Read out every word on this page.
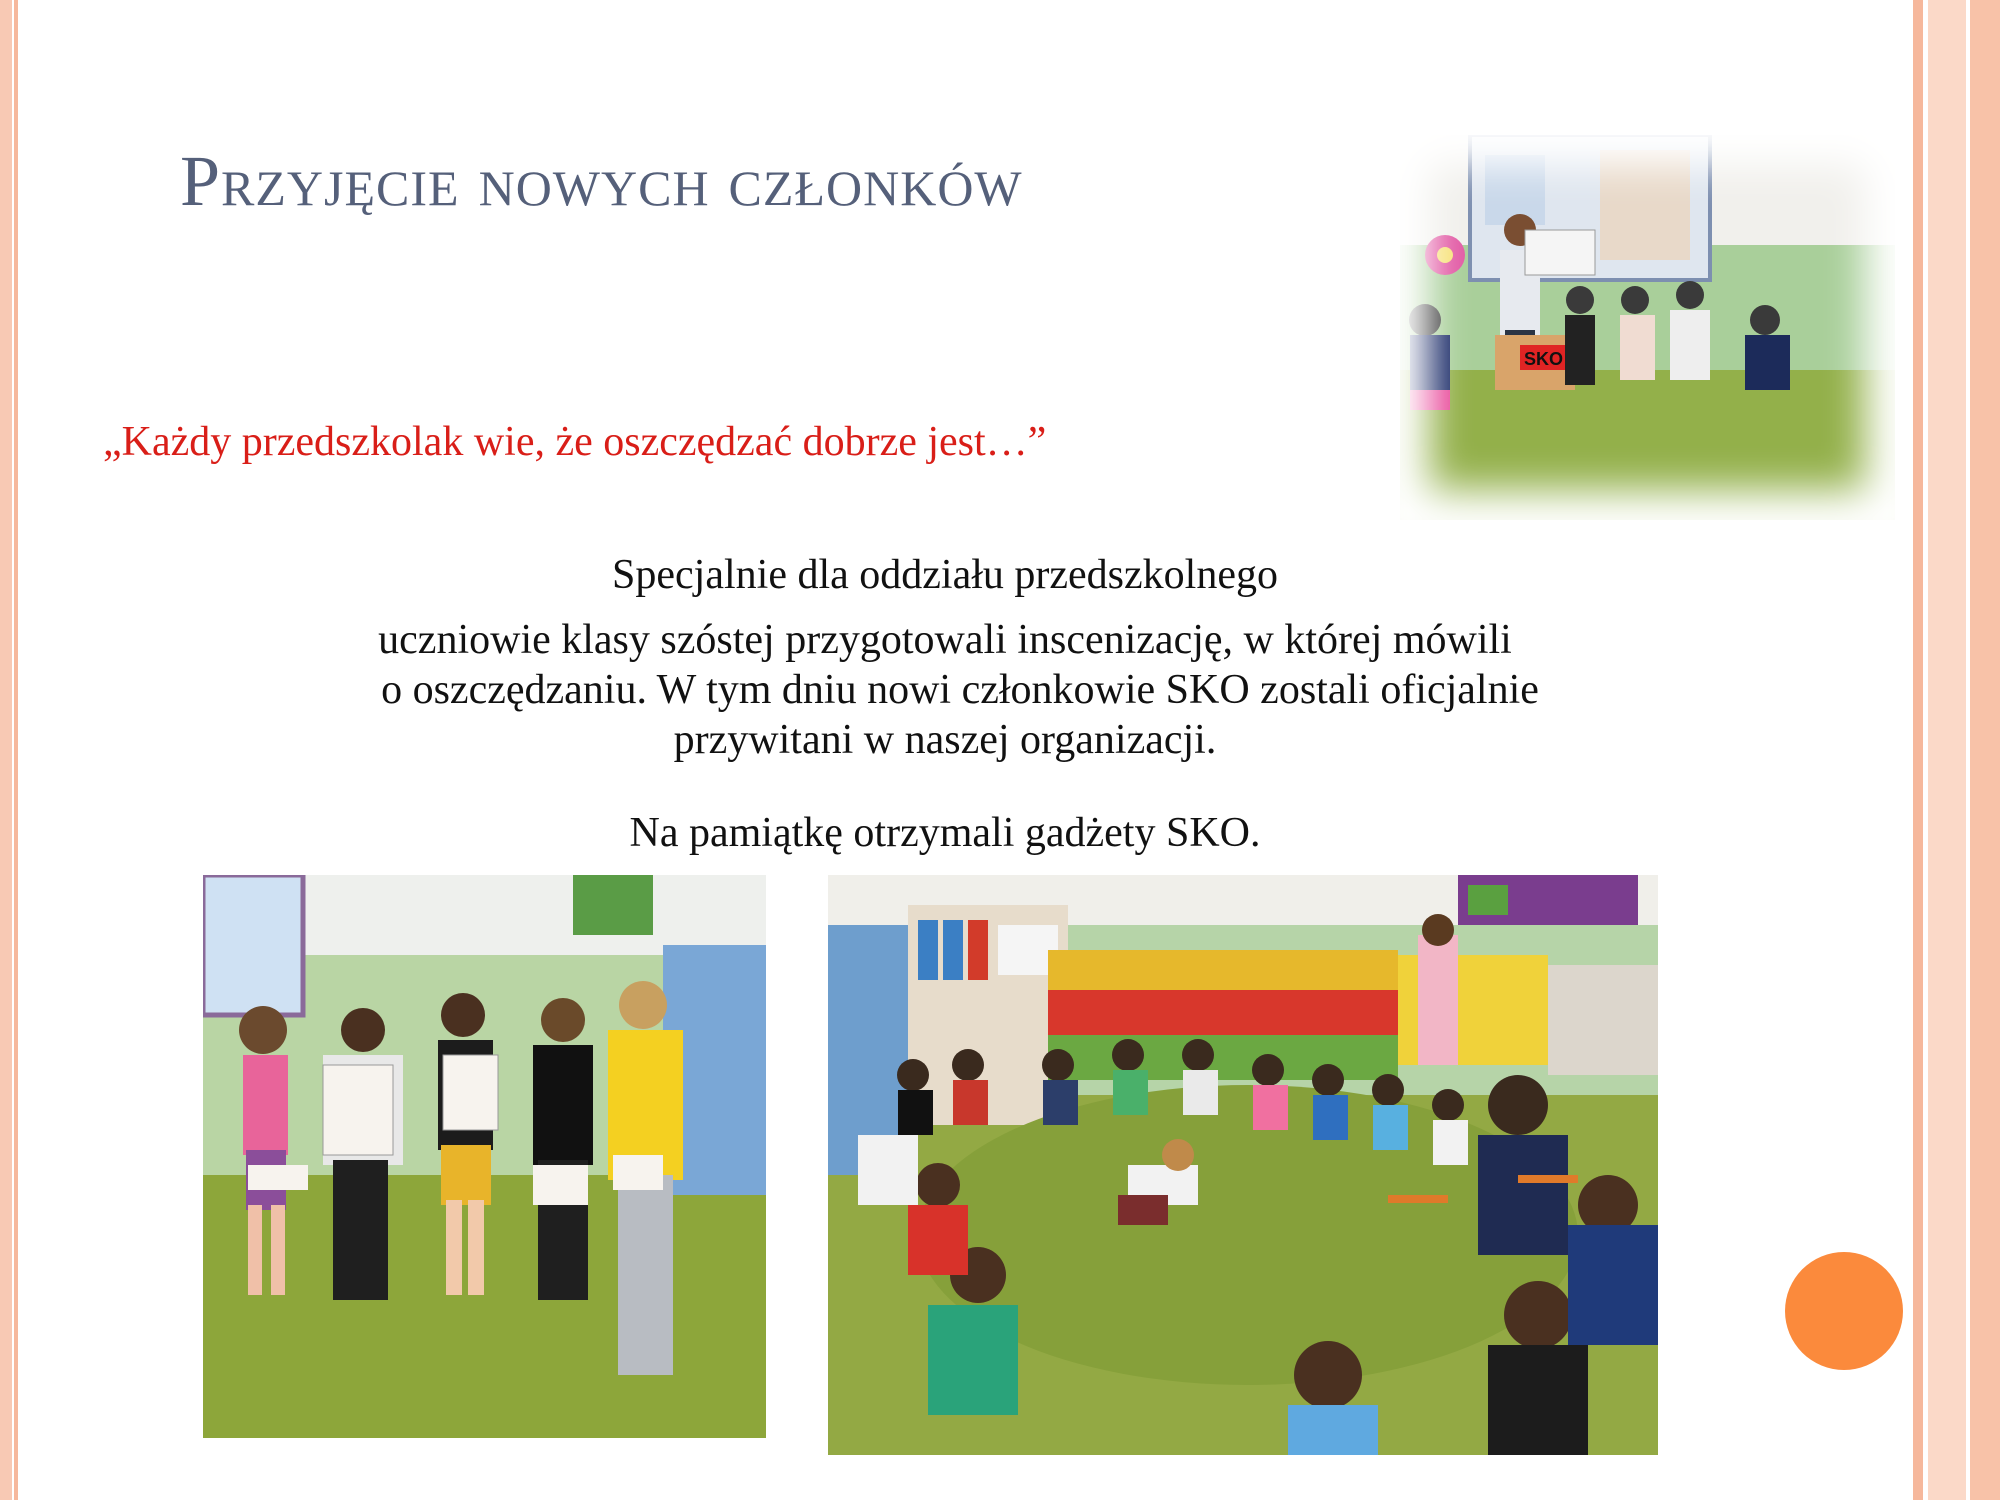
Przyjęcie nowych członków
„Każdy przedszkolak wie, że oszczędzać dobrze jest…”
Specjalnie dla oddziału przedszkolnego
uczniowie klasy szóstej przygotowali inscenizację, w której mówili
o oszczędzaniu. W tym dniu nowi członkowie SKO zostali oficjalnie
przywitani w naszej organizacji.
Na pamiątkę otrzymali gadżety SKO.
SKO
